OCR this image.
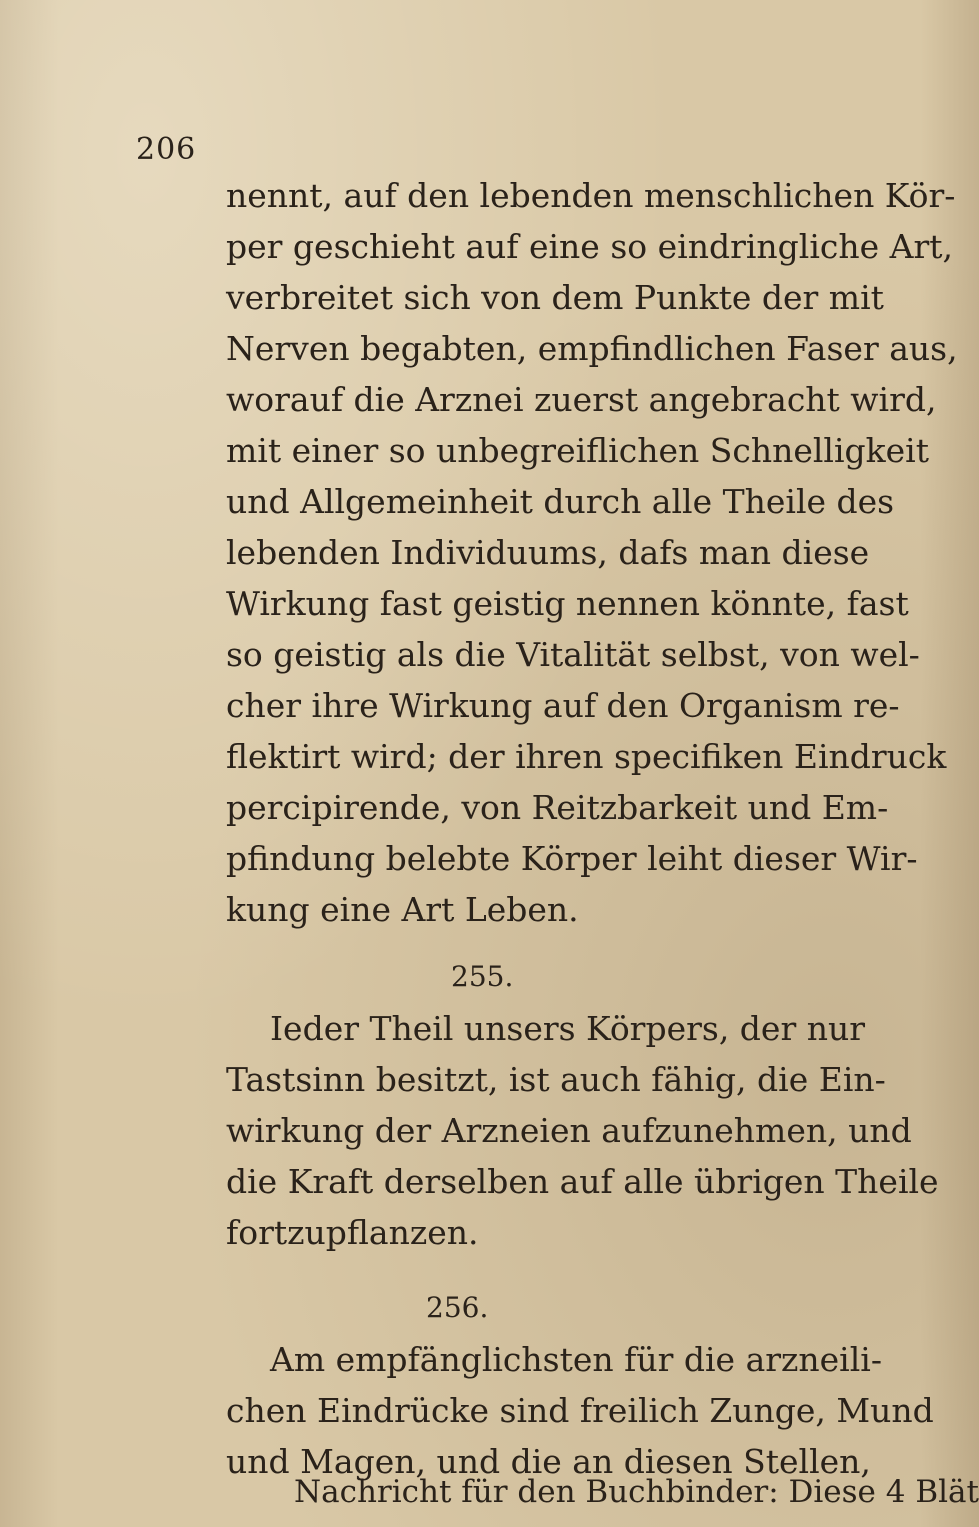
206
nennt, auf den lebenden menschlichen Kör-
per geschieht auf eine so eindringliche Art,
verbreitet sich von dem Punkte der mit
Nerven begabten, empfindlichen Faser aus,
worauf die Arznei zuerst angebracht wird,
mit einer so unbegreiflichen Schnelligkeit
und Allgemeinheit durch alle Theile des
lebenden Individuums, dafs man diese
Wirkung fast geistig nennen könnte, fast
so geistig als die Vitalität selbst, von wel-
cher ihre Wirkung auf den Organism re-
flektirt wird; der ihren specifiken Eindruck
percipirende, von Reitzbarkeit und Em-
pfindung belebte Körper leiht dieser Wir-
kung eine Art Leben.
255.
Ieder Theil unsers Körpers, der nur
Tastsinn besitzt, ist auch fähig, die Ein-
wirkung der Arzneien aufzunehmen, und
die Kraft derselben auf alle übrigen Theile
fortzupflanzen.
256.
Am empfänglichsten für die arzneili-
chen Eindrücke sind freilich Zunge, Mund
und Magen, und die an diesen Stellen,
Nachricht für den Buchbinder: Diese 4 Blät
